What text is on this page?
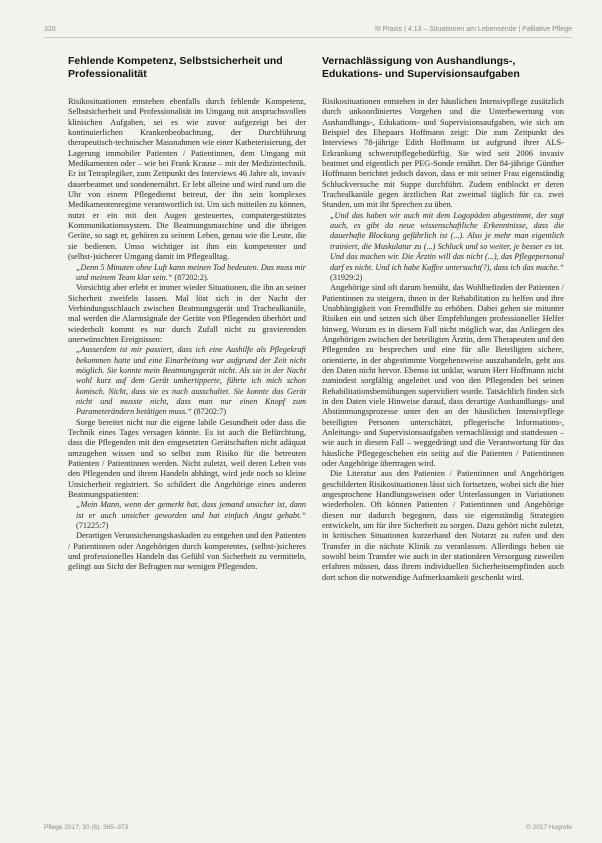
320	III Praxis | 4.13 – Situationen am Lebensende | Palliative Pflege
Fehlende Kompetenz, Selbstsicherheit und Professionalität

Risikosituationen entstehen ebenfalls durch fehlende Kompetenz, Selbstsicherheit und Professionalität im Umgang mit anspruchsvollen klinischen Aufgaben, sei es wie zuvor aufgezeigt bei der kontinuierlichen Krankenbeobachtung, der Durchführung therapeutisch-technischer Massnahmen wie einer Katheterisierung, der Lagerung immobiler Patienten / Patientinnen, dem Umgang mit Medikamenten oder – wie bei Frank Krause – mit der Medizintechnik. Er ist Tetraplegiker, zum Zeitpunkt des Interviews 46 Jahre alt, invasiv dauerbeatmet und sondenernährt. Er lebt alleine und wird rund um die Uhr von einem Pflegedienst betreut, der ihn sein komplexes Medikamentenregime verantwortlich ist. Um sich mitteilen zu können, nutzt er ein mit den Augen gesteuertes, computergestütztes Kommunikationssystem. Die Beatmungsmaschine und die übrigen Geräte, so sagt er, gehören zu seinem Leben, genau wie die Leute, die sie bedienen. Umso wichtiger ist ihm ein kompetenter und (selbst-)sicherer Umgang damit im Pflegealltag.

„Denn 5 Minuten ohne Luft kann meinen Tod bedeuten. Das muss mir und meinem Team klar sein.“ (87202:2).

Vorsichtig aber erlebt er immer wieder Situationen, die ihn an seiner Sicherheit zweifeln lassen. Mal löst sich in der Nacht der Verbindungsschlauch zwischen Beatmungsgerät und Trachealkanüle, mal werden die Alarmsignale der Geräte von Pflegenden überhört und wiederholt kommt es nur durch Zufall nicht zu gravierenden unerwünschten Ereignissen:

„Ausserdem ist mir passiert, dass ich eine Aushilfe als Pflegekraft bekommen hatte und eine Einarbeitung war aufgrund der Zeit nicht möglich. Sie konnte mein Beatmungsgerät nicht. Als sie in der Nacht wohl kurz auf dem Gerät umhertipperte, führte ich mich schon komisch. Nicht, dass sie es nach ausschaltet. Sie konnte das Gerät nicht und musste nicht, dass man nur einen Knopf zum Parameterändern betätigen muss.“ (87202:7)

Sorge bereitet nicht nur die eigene labile Gesundheit oder dass die Technik eines Tages versagen könnte. Es ist auch die Befürchtung, dass die Pflegenden mit den eingesetzten Gerätschaften nicht adäquat umzugehen wissen und so selbst zum Risiko für die betreuten Patienten / Patientinnen werden. Nicht zuletzt, weil deren Leben von den Pflegenden und ihrem Handeln abhängt, wird jede noch so kleine Unsicherheit registriert. So schildert die Angehörige eines anderen Beatmungspatienten:

„Mein Mann, wenn der gemerkt hat, dass jemand unsicher ist, dann ist er auch unsicher geworden und hat einfach Angst gehabt.“ (71225:7)

Derartigen Verunsicherungskaskaden zu entgehen und den Patienten / Patientinnen oder Angehörigen durch kompetentes, (selbst-)sicheres und professionelles Handeln das Gefühl von Sicherheit zu vermitteln, gelingt aus Sicht der Befragten nur wenigen Pflegenden.

Vernachlässigung von Aushandlungs-, Edukations- und Supervisionsaufgaben

Risikosituationen entstehen in der häuslichen Intensivpflege zusätzlich durch unkoordiniertes Vorgehen und die Unterbewertung von Aushandlungs-, Edukations- und Supervisionsaufgaben, wie sich am Beispiel des Ehepaars Hoffmann zeigt: Die zum Zeitpunkt des Interviews 78-jährige Edith Hoffmann ist aufgrund ihrer ALS-Erkrankung schwerstpflegebedürftig. Sie wird seit 2006 invasiv beatmet und eigentlich per PEG-Sonde ernährt. Der 84-jährige Günther Hoffmann berichtet jedoch davon, dass er mit seiner Frau eigenständig Schluckversuche mit Suppe durchführt. Zudem entblockt er deren Trachealkanüle gegen ärztlichen Rat zweimal täglich für ca. zwei Stunden, um mit ihr Sprechen zu üben.

„Und das haben wir auch mit dem Logopäden abgestimmt, der sagt auch, es gibt da neue wissenschaftliche Erkenntnisse, dass die dauerhafte Blockung gefährlich ist (...). Also je mehr man eigentlich trainiert, die Muskulatur zu (...) Schluck und so weiter, je besser es ist. Und das machen wir. Die Ärztin will das nicht (...), das Pflegepersonal darf es nicht. Und ich habe Kaffee untersucht(?), dass ich das mache.“ (31929:2)

Angehörige sind oft darum bemüht, das Wohlbefinden der Patienten / Patientinnen zu steigern, ihnen in der Rehabilitation zu helfen und ihre Unabhängigkeit von Fremdhilfe zu erhöhen. Dabei gehen sie mitunter Risiken ein und setzen sich über Empfehlungen professioneller Helfer hinweg. Worum es in diesem Fall nicht möglich war, das Anliegen des Angehörigen zwischen der beteiligten Ärztin, dem Therapeuten und den Pflegenden zu besprechen und eine für alle Beteiligten sichere, orientierte, in der abgestimmte Vorgehensweise auszuhandeln, geht aus den Daten nicht hervor. Ebenso ist unklar, warum Herr Hoffmann nicht zumindest sorgfältig angeleitet und von den Pflegenden bei seinen Rehabilitationsbemühungen supervidiert wurde. Tatsächlich finden sich in den Daten viele Hinweise darauf, dass derartige Aushandlungs- und Abstimmungsprozesse unter den an der häuslichen Intensivpflege beteiligten Personen unterschätzt, pflegerische Informations-, Anleitungs- und Supervisionsaufgaben vernachlässigt und stattdessen – wie auch in diesem Fall – weggedrängt und die Verantwortung für das häusliche Pflegegeschehen ein seitig auf die Patienten / Patientinnen oder Angehörige übertragen wird.

Die Literatur aus den Patienten / Patientinnen und Angehörigen geschilderten Risikosituationen lässt sich fortsetzen, wobei sich die hier angesprochene Handlungsweisen oder Unterlassungen in Variationen wiederholen. Oft können Patienten / Patientinnen und Angehörige diesen nur dadurch begegnen, dass sie eigenständig Strategien entwickeln, um für ihre Sicherheit zu sorgen. Dazu gehört nicht zuletzt, in kritischen Situationen kurzerhand den Notarzt zu rufen und den Transfer in die nächste Klinik zu veranlassen. Allerdings heben sie sowohl beim Transfer wie auch in der stationären Versorgung zuweilen erfahren müssen, dass ihrem individuellen Sicherheitsempfinden auch dort schon die notwendige Aufmerksamkeit geschenkt wird.

Pflege 2017; 30 (6): 365–373	© 2017 Hogrefe
